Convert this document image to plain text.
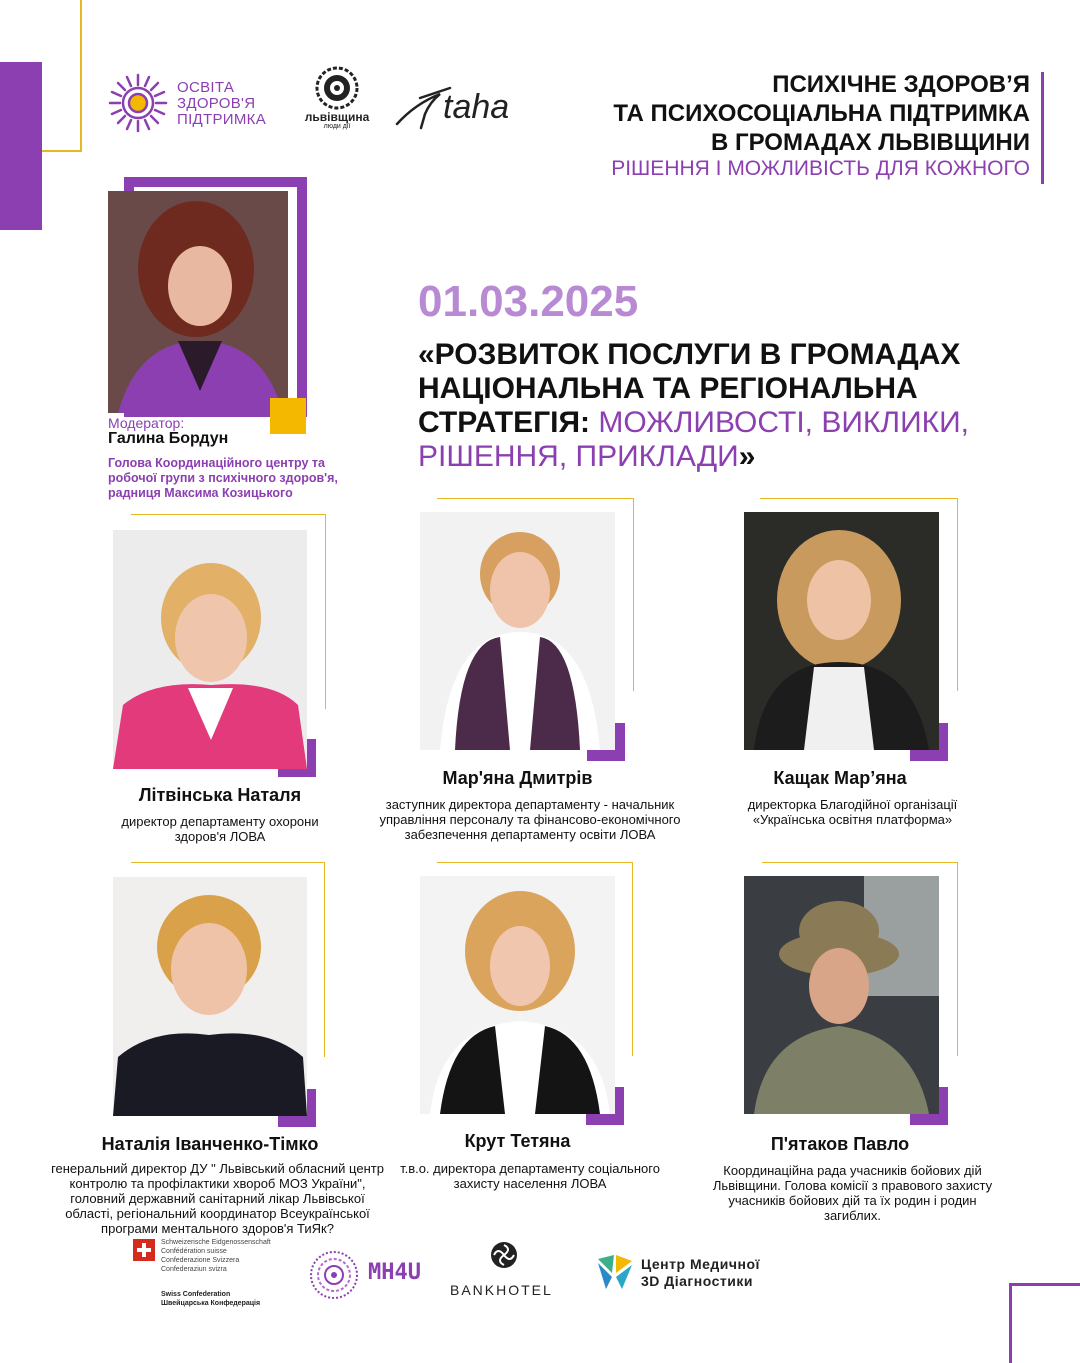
ОСВІТА
ЗДОРОВ'Я
ПІДТРИМКА	львівщина
люди дії
taha
ПСИХІЧНЕ ЗДОРОВ’Я
ТА ПСИХОСОЦІАЛЬНА ПІДТРИМКА
В ГРОМАДАХ ЛЬВІВЩИНИ
РІШЕННЯ І МОЖЛИВІСТЬ ДЛЯ КОЖНОГО
Модератор:
Галина Бордун
Голова Координаційного центру та робочої групи з психічного здоров'я, радниця Максима Козицького
01.03.2025
«РОЗВИТОК ПОСЛУГИ В ГРОМАДАХ НАЦІОНАЛЬНА ТА РЕГІОНАЛЬНА СТРАТЕГІЯ: МОЖЛИВОСТІ, ВИКЛИКИ, РІШЕННЯ, ПРИКЛАДИ»
Літвінська Наталя
директор департаменту охорони здоров'я ЛОВА
Мар'яна Дмитрів
заступник директора департаменту - начальник управління персоналу та фінансово-економічного забезпечення департаменту освіти ЛОВА
Кащак Мар’яна
директорка Благодійної організації «Українська освітня платформа»
Наталія Іванченко-Тімко
генеральний директор ДУ " Львівський обласний центр контролю та профілактики хвороб МОЗ України", головний державний санітарний лікар Львівської області, регіональний координатор Всеукраїнської програми ментального здоров'я ТиЯк?
Крут Тетяна
т.в.о. директора департаменту соціального захисту населення ЛОВА
П'ятаков Павло
Координаційна рада учасників бойових дій Львівщини. Голова комісії з правового захисту учасників бойових дій та їх родин і родин загиблих.
Schweizerische Eidgenossenschaft
Confédération suisse
Confederazione Svizzera
Confederaziun svizra
Swiss Confederation
Швейцарська Конфедерація
MH4U
BANKHOTEL
Центр Медичної
3D Діагностики
